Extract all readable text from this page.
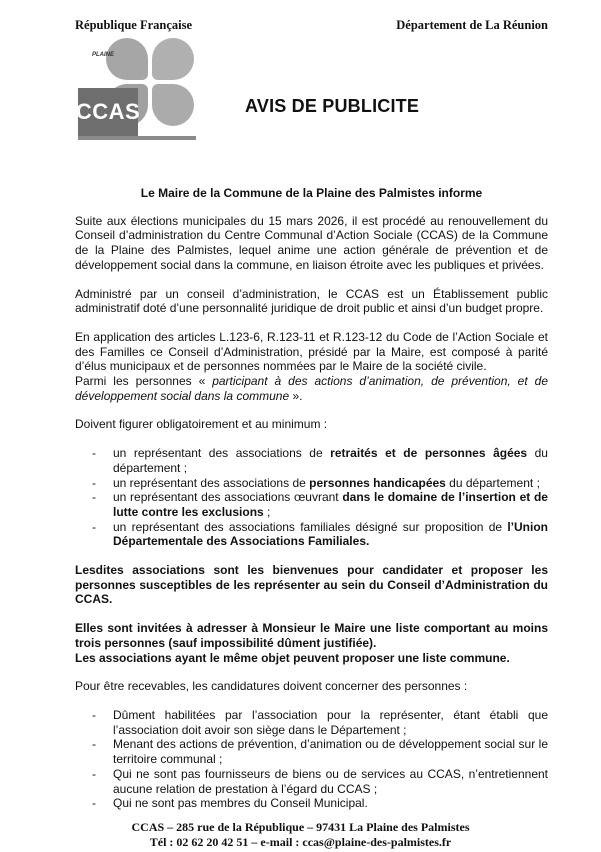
République Française	Département de La Réunion
PLAINE
CCAS	AVIS DE PUBLICITE
Le Maire de la Commune de la Plaine des Palmistes informe

Suite aux élections municipales du 15 mars 2026, il est procédé au renouvellement du Conseil d’administration du Centre Communal d’Action Sociale (CCAS) de la Commune de la Plaine des Palmistes, lequel anime une action générale de prévention et de développement social dans la commune, en liaison étroite avec les publiques et privées.

Administré par un conseil d’administration, le CCAS est un Établissement public administratif doté d’une personnalité juridique de droit public et ainsi d’un budget propre.

En application des articles L.123-6, R.123-11 et R.123-12 du Code de l’Action Sociale et des Familles ce Conseil d’Administration, présidé par la Maire, est composé à parité d’élus municipaux et de personnes nommées par le Maire de la société civile.

Parmi les personnes « participant à des actions d’animation, de prévention, et de développement social dans la commune ».

Doivent figurer obligatoirement et au minimum :

- un représentant des associations de retraités et de personnes âgées du département ;
- un représentant des associations de personnes handicapées du département ;
- un représentant des associations œuvrant dans le domaine de l’insertion et de lutte contre les exclusions ;
- un représentant des associations familiales désigné sur proposition de l’Union Départementale des Associations Familiales.

Lesdites associations sont les bienvenues pour candidater et proposer les personnes susceptibles de les représenter au sein du Conseil d’Administration du CCAS.

Elles sont invitées à adresser à Monsieur le Maire une liste comportant au moins trois personnes (sauf impossibilité dûment justifiée).

Les associations ayant le même objet peuvent proposer une liste commune.

Pour être recevables, les candidatures doivent concerner des personnes :

- Dûment habilitées par l’association pour la représenter, étant établi que l’association doit avoir son siège dans le Département ;
- Menant des actions de prévention, d’animation ou de développement social sur le territoire communal ;
- Qui ne sont pas fournisseurs de biens ou de services au CCAS, n’entretiennent aucune relation de prestation à l’égard du CCAS ;
- Qui ne sont pas membres du Conseil Municipal.
CCAS – 285 rue de la République – 97431 La Plaine des Palmistes
Tél : 02 62 20 42 51 – e-mail : ccas@plaine-des-palmistes.fr
